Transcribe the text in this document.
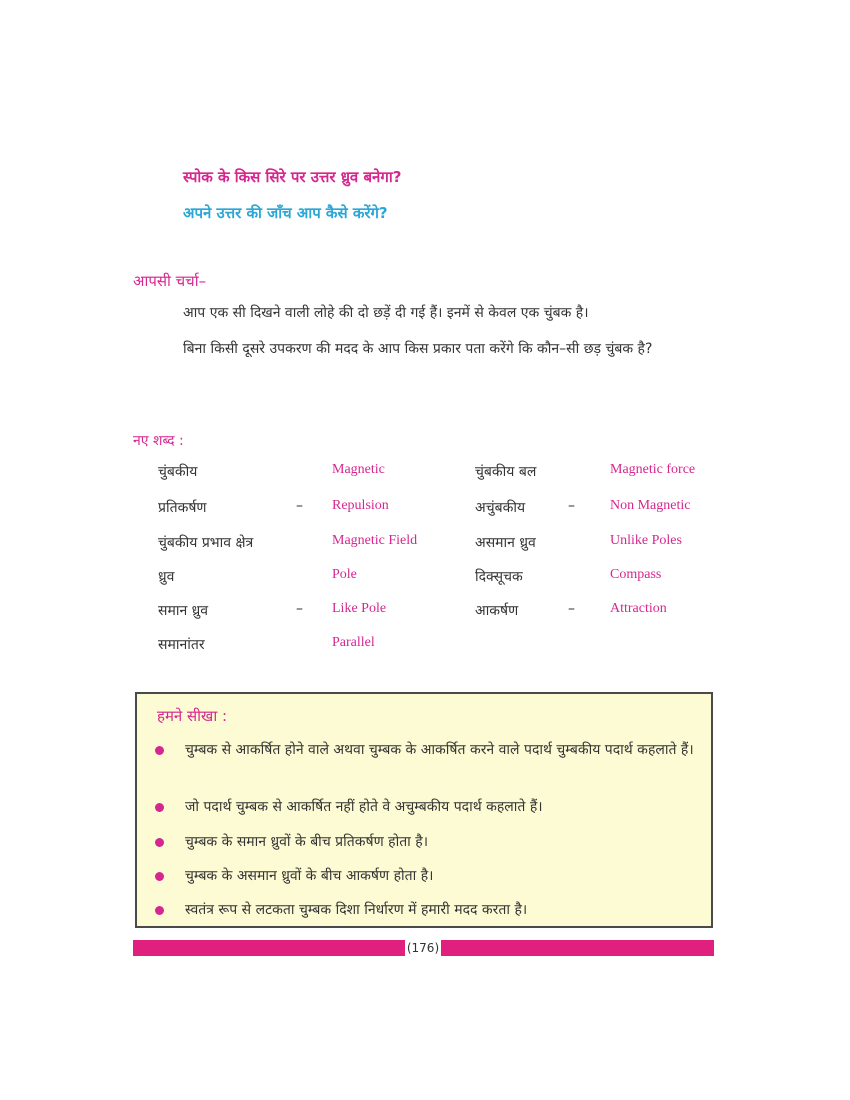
स्पोक के किस सिरे पर उत्तर ध्रुव बनेगा?
अपने उत्तर की जाँच आप कैसे करेंगे?
आपसी चर्चा–
आप एक सी दिखने वाली लोहे की दो छड़ें दी गई हैं। इनमें से केवल एक चुंबक है।
बिना किसी दूसरे उपकरण की मदद के आप किस प्रकार पता करेंगे कि कौन–सी छड़ चुंबक है?
नए शब्द :
चुंबकीय	Magnetic	चुंबकीय बल	Magnetic force
प्रतिकर्षण	– Repulsion	अचुंबकीय	–	Non Magnetic
चुंबकीय प्रभाव क्षेत्र	Magnetic Field	असमान ध्रुव	Unlike Poles
ध्रुव	Pole	दिक्सूचक	Compass
समान ध्रुव	– Like Pole	आकर्षण	–	Attraction
समानांतर	Parallel
हमने सीखा :
चुम्बक से आकर्षित होने वाले अथवा चुम्बक के आकर्षित करने वाले पदार्थ चुम्बकीय पदार्थ कहलाते हैं।
जो पदार्थ चुम्बक से आकर्षित नहीं होते वे अचुम्बकीय पदार्थ कहलाते हैं।
चुम्बक के समान ध्रुवों के बीच प्रतिकर्षण होता है।
चुम्बक के असमान ध्रुवों के बीच आकर्षण होता है।
स्वतंत्र रूप से लटकता चुम्बक दिशा निर्धारण में हमारी मदद करता है।
(176)
